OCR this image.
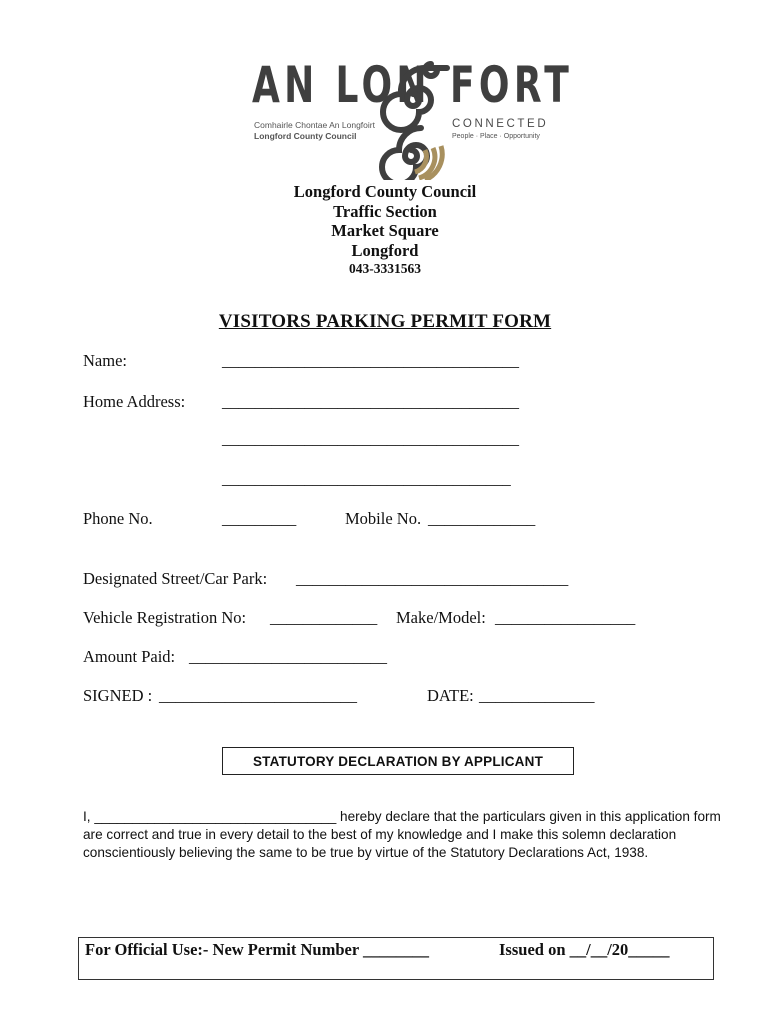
AN LON FORT
Comhairle Chontae An Longfoirt
Longford County Council
CONNECTED
People · Place · Opportunity
Longford County Council
Traffic Section
Market Square
Longford
043-3331563
VISITORS PARKING PERMIT FORM
Name:	____________________________________
Home Address: ____________________________________
____________________________________
___________________________________
Phone No.	_________	Mobile No. _____________
Designated Street/Car Park: _________________________________
Vehicle Registration No: _____________ Make/Model: _________________
Amount Paid: ________________________
SIGNED : ________________________	DATE: ______________
STATUTORY DECLARATION BY APPLICANT
I, ________________________________ hereby declare that the particulars given in this application form are correct and true in every detail to the best of my knowledge and I make this solemn declaration conscientiously believing the same to be true by virtue of the Statutory Declarations Act, 1938.
For Official Use:- New Permit Number ________	Issued on __/__/20_____
